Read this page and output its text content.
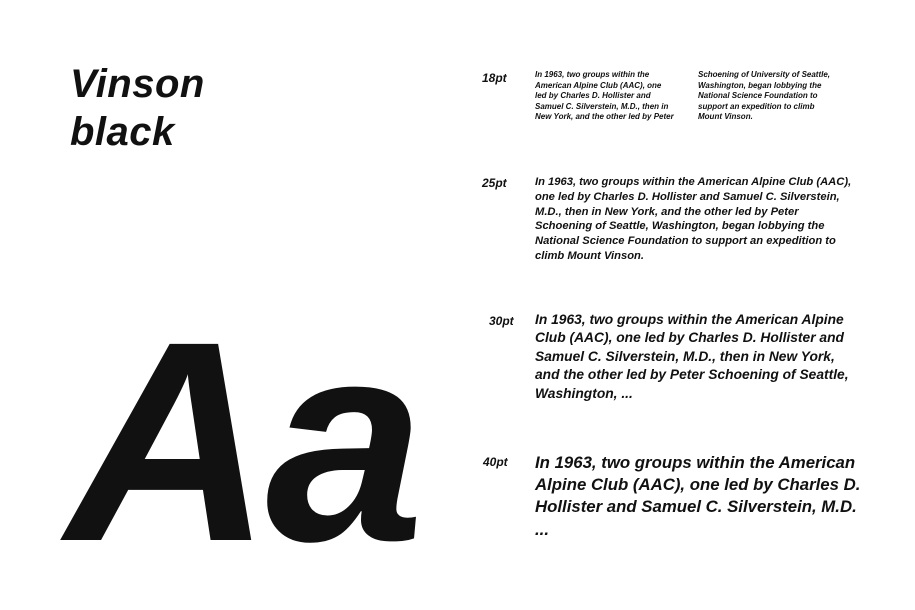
Vinson
black
Aa
18pt	In 1963, two groups within the American Alpine Club (AAC), one led by Charles D. Hollister and Samuel C. Silverstein, M.D., then in New York, and the other led by Peter

Schoening of University of Seattle, Washington, began lobbying the National Science Foundation to support an expedition to climb Mount Vinson.

25pt	In 1963, two groups within the American Alpine Club (AAC), one led by Charles D. Hollister and Samuel C. Silverstein, M.D., then in New York, and the other led by Peter Schoening of Seattle, Washington, began lobbying the National Science Foundation to support an expedition to climb Mount Vinson.

30pt In 1963, two groups within the American Alpine Club (AAC), one led by Charles D. Hollister and Samuel C. Silverstein, M.D., then in New York, and the other led by Peter Schoening of Seattle, Washington, ...

40pt In 1963, two groups within the American Alpine Club (AAC), one led by Charles D. Hollister and Samuel C. Silverstein, M.D. ...
